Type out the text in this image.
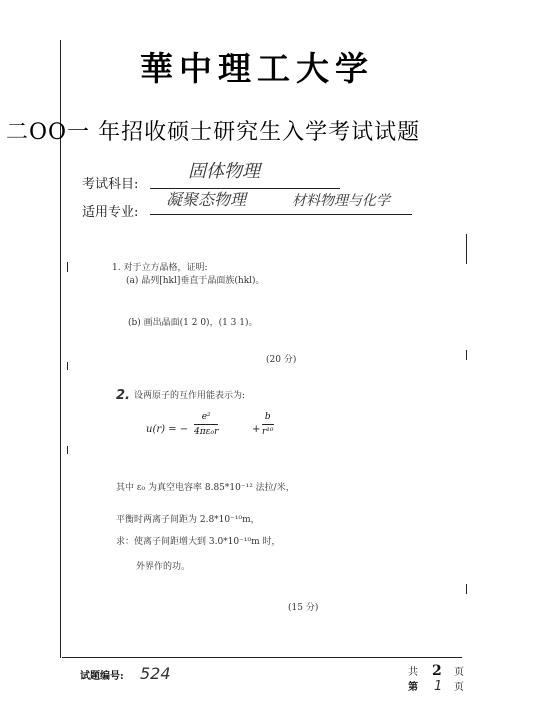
華中理工大学
二OO一 年招收硕士研究生入学考试试题
考试科目:
固体物理
适用专业:
凝聚态物理	材料物理与化学
1. 对于立方晶格，证明:
(a) 晶列[hkl]垂直于晶面族(hkl)。
(b) 画出晶面(1 2 0)，(1 3 1)。
(20 分)
2. 设两原子的互作用能表示为:
u(r) = −
e²
4πε₀r	+
b
r¹⁰
其中 ε₀ 为真空电容率 8.85*10⁻¹² 法拉/米，
平衡时两离子间距为 2.8*10⁻¹⁰m，
求：使离子间距增大到 3.0*10⁻¹⁰m 时，
外界作的功。
(15 分)
试题编号: 524	共 2 页
第 1 页
